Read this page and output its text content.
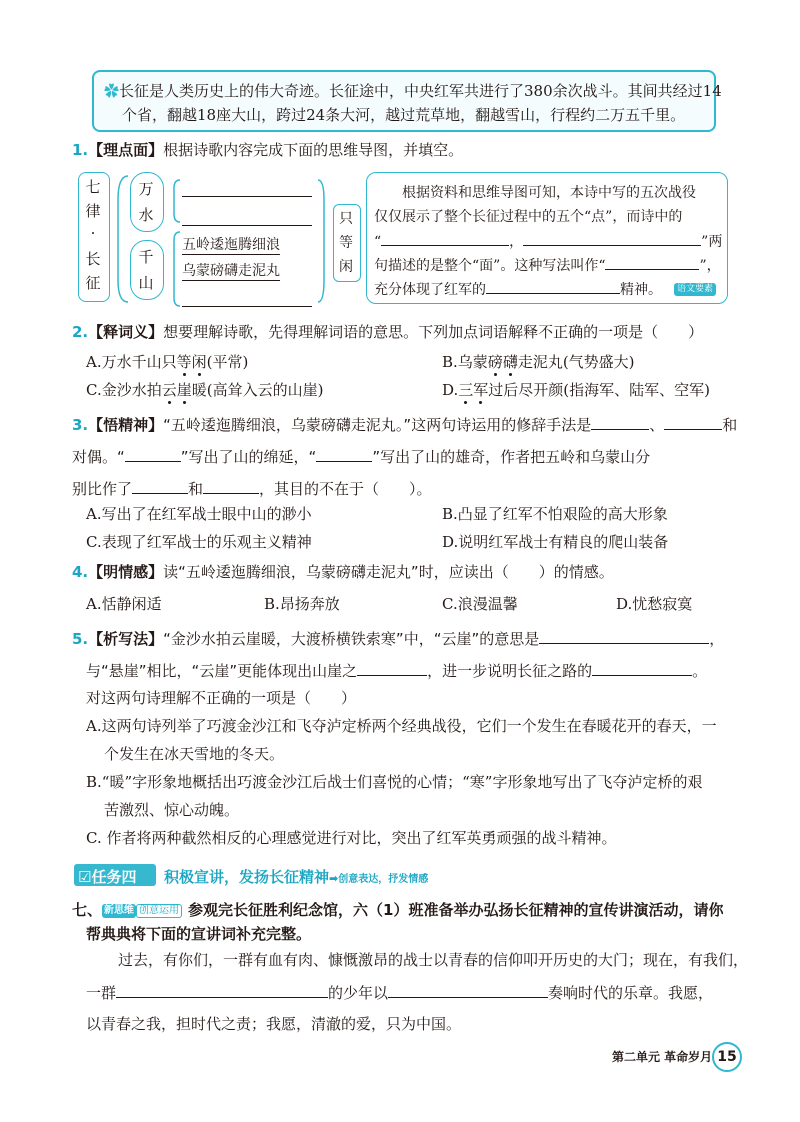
✿长征是人类历史上的伟大奇迹。长征途中，中央红军共进行了380余次战斗。其间共经过14
个省，翻越18座大山，跨过24条大河，越过荒草地，翻越雪山，行程约二万五千里。
1.【理点面】根据诗歌内容完成下面的思维导图，并填空。
七
律
·
长
征
万
水
千
山
五岭逶迤腾细浪
乌蒙磅礴走泥丸
只
等
闲
根据资料和思维导图可知，本诗中写的五次战役
仅仅展示了整个长征过程中的五个“点”，而诗中的
“	，	”两
句描述的是整个“面”。这种写法叫作“	”，
充分体现了红军的	精神。	语文要素
2.【释词义】想要理解诗歌，先得理解词语的意思。下列加点词语解释不正确的一项是（　　）
A.万水千山只等闲(平常)	B.乌蒙磅礴走泥丸(气势盛大)
C.金沙水拍云崖暖(高耸入云的山崖)	D.三军过后尽开颜(指海军、陆军、空军)
3.【悟精神】“五岭逶迤腾细浪，乌蒙磅礴走泥丸。”这两句诗运用的修辞手法是	、	和
对偶。“	”写出了山的绵延，“	”写出了山的雄奇，作者把五岭和乌蒙山分
别比作了	和	，其目的不在于（　　）。
A.写出了在红军战士眼中山的渺小	B.凸显了红军不怕艰险的高大形象
C.表现了红军战士的乐观主义精神	D.说明红军战士有精良的爬山装备
4.【明情感】读“五岭逶迤腾细浪，乌蒙磅礴走泥丸”时，应读出（　　）的情感。
A.恬静闲适	B.昂扬奔放	C.浪漫温馨	D.忧愁寂寞
5.【析写法】“金沙水拍云崖暖，大渡桥横铁索寒”中，“云崖”的意思是	，
与“悬崖”相比，“云崖”更能体现出山崖之	，进一步说明长征之路的	。
对这两句诗理解不正确的一项是（　　）
A.这两句诗列举了巧渡金沙江和飞夺泸定桥两个经典战役，它们一个发生在春暖花开的春天，一
个发生在冰天雪地的冬天。
B.“暖”字形象地概括出巧渡金沙江后战士们喜悦的心情；“寒”字形象地写出了飞夺泸定桥的艰
苦激烈、惊心动魄。
C. 作者将两种截然相反的心理感觉进行对比，突出了红军英勇顽强的战斗精神。
☑任务四 积极宣讲，发扬长征精神➡创意表达，抒发情感
七、 新思维 创意运用 参观完长征胜利纪念馆，六（1）班准备举办弘扬长征精神的宣传讲演活动，请你
帮典典将下面的宣讲词补充完整。
过去，有你们，一群有血有肉、慷慨激昂的战士以青春的信仰叩开历史的大门；现在，有我们，
一群	的少年以	奏响时代的乐章。我愿，
以青春之我，担时代之责；我愿，清澈的爱，只为中国。
第二单元 革命岁月 15
